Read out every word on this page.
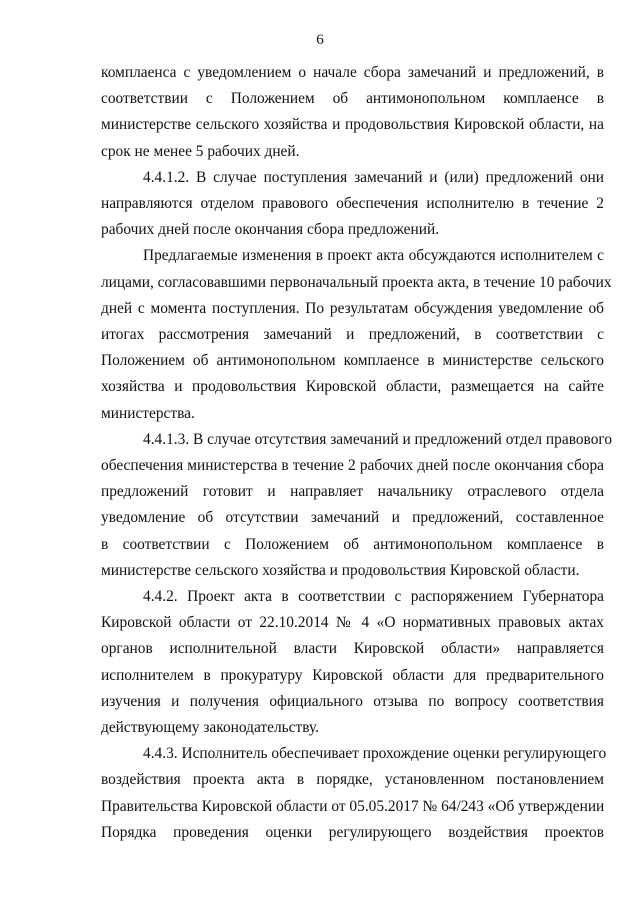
6

комплаенса с уведомлением о начале сбора замечаний и предложений, в
соответствии с Положением об антимонопольном комплаенсе в
министерстве сельского хозяйства и продовольствия Кировской области, на
срок не менее 5 рабочих дней.

4.4.1.2. В случае поступления замечаний и (или) предложений они
направляются отделом правового обеспечения исполнителю в течение 2
рабочих дней после окончания сбора предложений.

Предлагаемые изменения в проект акта обсуждаются исполнителем с
лицами, согласовавшими первоначальный проекта акта, в течение 10 рабочих
дней с момента поступления. По результатам обсуждения уведомление об
итогах рассмотрения замечаний и предложений, в соответствии с
Положением об антимонопольном комплаенсе в министерстве сельского
хозяйства и продовольствия Кировской области, размещается на сайте
министерства.

4.4.1.3. В случае отсутствия замечаний и предложений отдел правового
обеспечения министерства в течение 2 рабочих дней после окончания сбора
предложений готовит и направляет начальнику отраслевого отдела
уведомление об отсутствии замечаний и предложений, составленное
в соответствии с Положением об антимонопольном комплаенсе в
министерстве сельского хозяйства и продовольствия Кировской области.

4.4.2. Проект акта в соответствии с распоряжением Губернатора
Кировской области от 22.10.2014 № 4 «О нормативных правовых актах
органов исполнительной власти Кировской области» направляется
исполнителем в прокуратуру Кировской области для предварительного
изучения и получения официального отзыва по вопросу соответствия
действующему законодательству.

4.4.3. Исполнитель обеспечивает прохождение оценки регулирующего
воздействия проекта акта в порядке, установленном постановлением
Правительства Кировской области от 05.05.2017 № 64/243 «Об утверждении
Порядка проведения оценки регулирующего воздействия проектов
